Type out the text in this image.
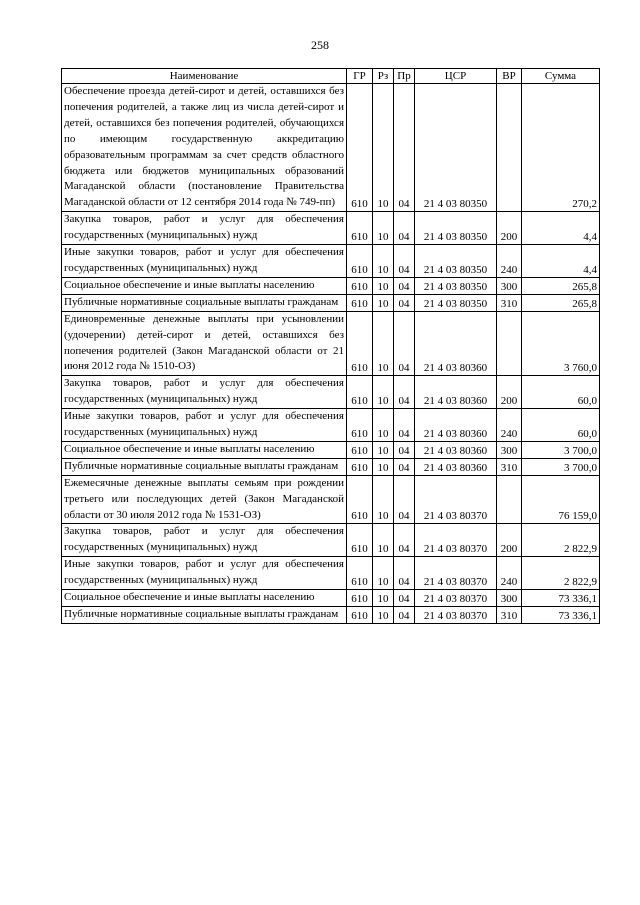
258
Наименование	ГР	Рз	Пр	ЦСР	ВР	Сумма
Обеспечение проезда детей-сирот и детей, оставшихся без попечения родителей, а также лиц из числа детей-сирот и детей, оставшихся без попечения родителей, обучающихся по имеющим государственную аккредитацию образовательным программам за счет средств областного бюджета или бюджетов муниципальных образований Магаданской области (постановление Правительства Магаданской области от 12 сентября 2014 года № 749-пп)	610	10	04	21 4 03 80350		270,2
Закупка товаров, работ и услуг для обеспечения государственных (муниципальных) нужд	610	10	04	21 4 03 80350	200	4,4
Иные закупки товаров, работ и услуг для обеспечения государственных (муниципальных) нужд	610	10	04	21 4 03 80350	240	4,4
Социальное обеспечение и иные выплаты населению	610	10	04	21 4 03 80350	300	265,8
Публичные нормативные социальные выплаты гражданам	610	10	04	21 4 03 80350	310	265,8
Единовременные денежные выплаты при усыновлении (удочерении) детей-сирот и детей, оставшихся без попечения родителей (Закон Магаданской области от 21 июня 2012 года № 1510-ОЗ)	610	10	04	21 4 03 80360		3 760,0
Закупка товаров, работ и услуг для обеспечения государственных (муниципальных) нужд	610	10	04	21 4 03 80360	200	60,0
Иные закупки товаров, работ и услуг для обеспечения государственных (муниципальных) нужд	610	10	04	21 4 03 80360	240	60,0
Социальное обеспечение и иные выплаты населению	610	10	04	21 4 03 80360	300	3 700,0
Публичные нормативные социальные выплаты гражданам	610	10	04	21 4 03 80360	310	3 700,0
Ежемесячные денежные выплаты семьям при рождении третьего или последующих детей (Закон Магаданской области от 30 июля 2012 года № 1531-ОЗ)	610	10	04	21 4 03 80370		76 159,0
Закупка товаров, работ и услуг для обеспечения государственных (муниципальных) нужд	610	10	04	21 4 03 80370	200	2 822,9
Иные закупки товаров, работ и услуг для обеспечения государственных (муниципальных) нужд	610	10	04	21 4 03 80370	240	2 822,9
Социальное обеспечение и иные выплаты населению	610	10	04	21 4 03 80370	300	73 336,1
Публичные нормативные социальные выплаты гражданам	610	10	04	21 4 03 80370	310	73 336,1
